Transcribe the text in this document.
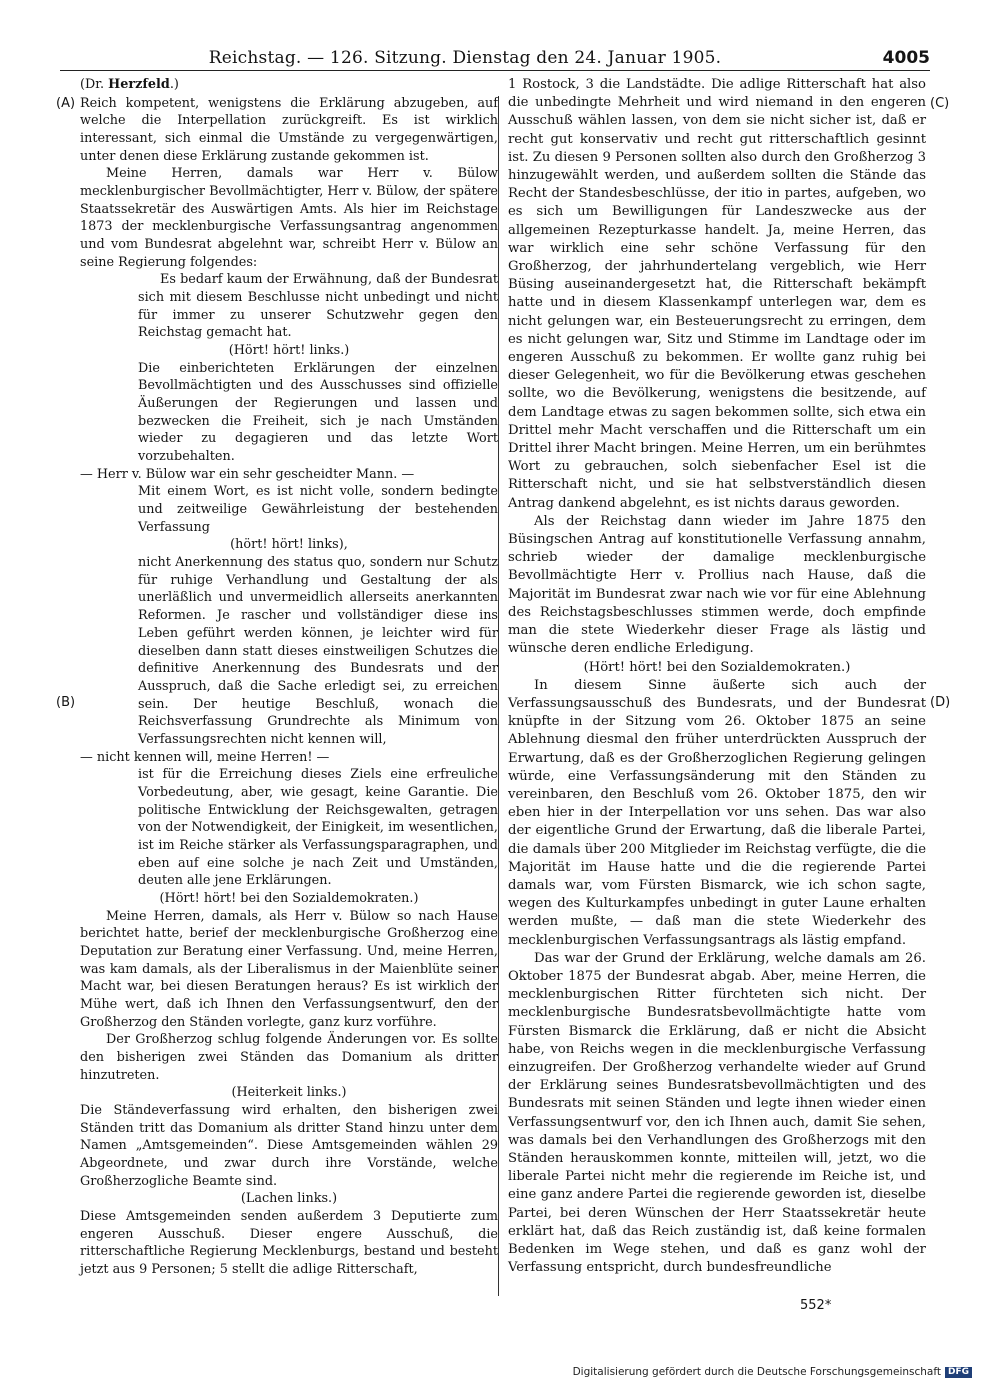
Reichstag. — 126. Sitzung. Dienstag den 24. Januar 1905.	4005
(A)
(B)
(C)
(D)

(Dr. Herzfeld.)

Reich kompetent, wenigstens die Erklärung abzugeben, auf welche die Interpellation zurückgreift. Es ist wirklich interessant, sich einmal die Umstände zu vergegenwärtigen, unter denen diese Erklärung zustande gekommen ist.

Meine Herren, damals war Herr v. Bülow mecklenburgischer Bevollmächtigter, Herr v. Bülow, der spätere Staatssekretär des Auswärtigen Amts. Als hier im Reichstage 1873 der mecklenburgische Verfassungsantrag angenommen und vom Bundesrat abgelehnt war, schreibt Herr v. Bülow an seine Regierung folgendes:

Es bedarf kaum der Erwähnung, daß der Bundesrat sich mit diesem Beschlusse nicht unbedingt und nicht für immer zu unserer Schutzwehr gegen den Reichstag gemacht hat.

(Hört! hört! links.)

Die einberichteten Erklärungen der einzelnen Bevollmächtigten und des Ausschusses sind offizielle Äußerungen der Regierungen und lassen und bezwecken die Freiheit, sich je nach Umständen wieder zu degagieren und das letzte Wort vorzubehalten.

— Herr v. Bülow war ein sehr gescheidter Mann. —

Mit einem Wort, es ist nicht volle, sondern bedingte und zeitweilige Gewährleistung der bestehenden Verfassung

(hört! hört! links),

nicht Anerkennung des status quo, sondern nur Schutz für ruhige Verhandlung und Gestaltung der als unerläßlich und unvermeidlich allerseits anerkannten Reformen. Je rascher und vollständiger diese ins Leben geführt werden können, je leichter wird für dieselben dann statt dieses einstweiligen Schutzes die definitive Anerkennung des Bundesrats und der Ausspruch, daß die Sache erledigt sei, zu erreichen sein. Der heutige Beschluß, wonach die Reichsverfassung Grundrechte als Minimum von Verfassungsrechten nicht kennen will,

— nicht kennen will, meine Herren! —

ist für die Erreichung dieses Ziels eine erfreuliche Vorbedeutung, aber, wie gesagt, keine Garantie. Die politische Entwicklung der Reichsgewalten, getragen von der Notwendigkeit, der Einigkeit, im wesentlichen, ist im Reiche stärker als Verfassungsparagraphen, und eben auf eine solche je nach Zeit und Umständen, deuten alle jene Erklärungen.

(Hört! hört! bei den Sozialdemokraten.)

Meine Herren, damals, als Herr v. Bülow so nach Hause berichtet hatte, berief der mecklenburgische Großherzog eine Deputation zur Beratung einer Verfassung. Und, meine Herren, was kam damals, als der Liberalismus in der Maienblüte seiner Macht war, bei diesen Beratungen heraus? Es ist wirklich der Mühe wert, daß ich Ihnen den Verfassungsentwurf, den der Großherzog den Ständen vorlegte, ganz kurz vorführe.

Der Großherzog schlug folgende Änderungen vor. Es sollte den bisherigen zwei Ständen das Domanium als dritter hinzutreten.

(Heiterkeit links.)

Die Ständeverfassung wird erhalten, den bisherigen zwei Ständen tritt das Domanium als dritter Stand hinzu unter dem Namen „Amtsgemeinden“. Diese Amtsgemeinden wählen 29 Abgeordnete, und zwar durch ihre Vorstände, welche Großherzogliche Beamte sind.

(Lachen links.)

Diese Amtsgemeinden senden außerdem 3 Deputierte zum engeren Ausschuß. Dieser engere Ausschuß, die ritterschaftliche Regierung Mecklenburgs, bestand und besteht jetzt aus 9 Personen; 5 stellt die adlige Ritterschaft,

1 Rostock, 3 die Landstädte. Die adlige Ritterschaft hat also die unbedingte Mehrheit und wird niemand in den engeren Ausschuß wählen lassen, von dem sie nicht sicher ist, daß er recht gut konservativ und recht gut ritterschaftlich gesinnt ist. Zu diesen 9 Personen sollten also durch den Großherzog 3 hinzugewählt werden, und außerdem sollten die Stände das Recht der Standesbeschlüsse, der itio in partes, aufgeben, wo es sich um Bewilligungen für Landeszwecke aus der allgemeinen Rezepturkasse handelt. Ja, meine Herren, das war wirklich eine sehr schöne Verfassung für den Großherzog, der jahrhundertelang vergeblich, wie Herr Büsing auseinandergesetzt hat, die Ritterschaft bekämpft hatte und in diesem Klassenkampf unterlegen war, dem es nicht gelungen war, ein Besteuerungsrecht zu erringen, dem es nicht gelungen war, Sitz und Stimme im Landtage oder im engeren Ausschuß zu bekommen. Er wollte ganz ruhig bei dieser Gelegenheit, wo für die Bevölkerung etwas geschehen sollte, wo die Bevölkerung, wenigstens die besitzende, auf dem Landtage etwas zu sagen bekommen sollte, sich etwa ein Drittel mehr Macht verschaffen und die Ritterschaft um ein Drittel ihrer Macht bringen. Meine Herren, um ein berühmtes Wort zu gebrauchen, solch siebenfacher Esel ist die Ritterschaft nicht, und sie hat selbstverständlich diesen Antrag dankend abgelehnt, es ist nichts daraus geworden.

Als der Reichstag dann wieder im Jahre 1875 den Büsingschen Antrag auf konstitutionelle Verfassung annahm, schrieb wieder der damalige mecklenburgische Bevollmächtigte Herr v. Prollius nach Hause, daß die Majorität im Bundesrat zwar nach wie vor für eine Ablehnung des Reichstagsbeschlusses stimmen werde, doch empfinde man die stete Wiederkehr dieser Frage als lästig und wünsche deren endliche Erledigung.

(Hört! hört! bei den Sozialdemokraten.)

In diesem Sinne äußerte sich auch der Verfassungsausschuß des Bundesrats, und der Bundesrat knüpfte in der Sitzung vom 26. Oktober 1875 an seine Ablehnung diesmal den früher unterdrückten Ausspruch der Erwartung, daß es der Großherzoglichen Regierung gelingen würde, eine Verfassungsänderung mit den Ständen zu vereinbaren, den Beschluß vom 26. Oktober 1875, den wir eben hier in der Interpellation vor uns sehen. Das war also der eigentliche Grund der Erwartung, daß die liberale Partei, die damals über 200 Mitglieder im Reichstag verfügte, die die Majorität im Hause hatte und die die regierende Partei damals war, vom Fürsten Bismarck, wie ich schon sagte, wegen des Kulturkampfes unbedingt in guter Laune erhalten werden mußte, — daß man die stete Wiederkehr des mecklenburgischen Verfassungsantrags als lästig empfand.

Das war der Grund der Erklärung, welche damals am 26. Oktober 1875 der Bundesrat abgab. Aber, meine Herren, die mecklenburgischen Ritter fürchteten sich nicht. Der mecklenburgische Bundesratsbevollmächtigte hatte vom Fürsten Bismarck die Erklärung, daß er nicht die Absicht habe, von Reichs wegen in die mecklenburgische Verfassung einzugreifen. Der Großherzog verhandelte wieder auf Grund der Erklärung seines Bundesratsbevollmächtigten und des Bundesrats mit seinen Ständen und legte ihnen wieder einen Verfassungsentwurf vor, den ich Ihnen auch, damit Sie sehen, was damals bei den Verhandlungen des Großherzogs mit den Ständen herauskommen konnte, mitteilen will, jetzt, wo die liberale Partei nicht mehr die regierende im Reiche ist, und eine ganz andere Partei die regierende geworden ist, dieselbe Partei, bei deren Wünschen der Herr Staatssekretär heute erklärt hat, daß das Reich zuständig ist, daß keine formalen Bedenken im Wege stehen, und daß es ganz wohl der Verfassung entspricht, durch bundesfreundliche

552*
Digitalisierung gefördert durch die Deutsche Forschungsgemeinschaft DFG
